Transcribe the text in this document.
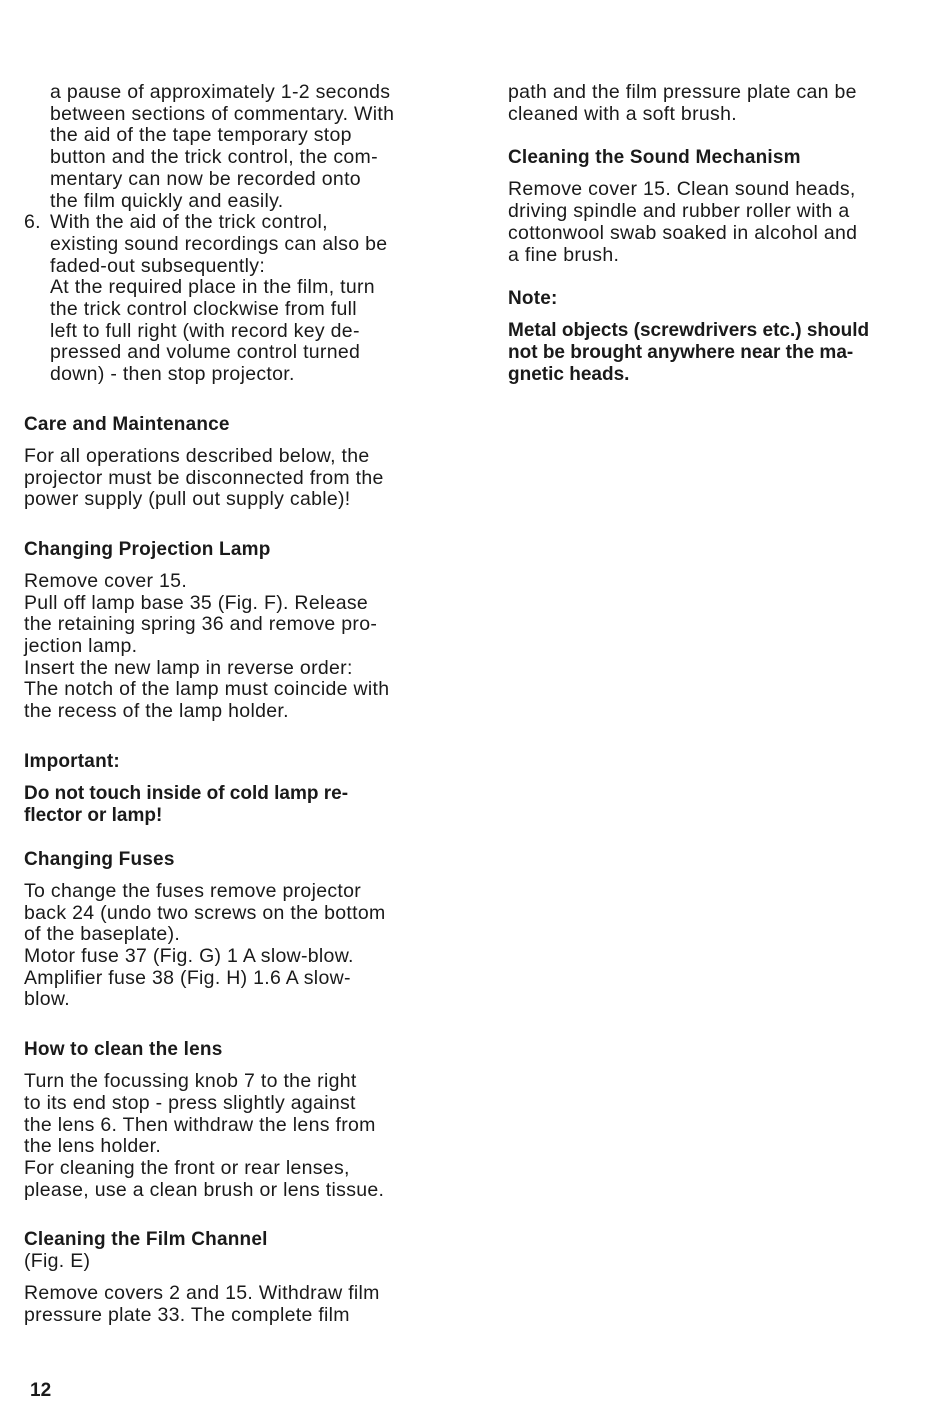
a pause of approximately 1-2 seconds

between sections of commentary. With

the aid of the tape temporary stop

button and the trick control, the com-

mentary can now be recorded onto

the film quickly and easily.

6. With the aid of the trick control,

existing sound recordings can also be

faded-out subsequently:

At the required place in the film, turn

the trick control clockwise from full

left to full right (with record key de-

pressed and volume control turned

down) - then stop projector.

Care and Maintenance

For all operations described below, the

projector must be disconnected from the

power supply (pull out supply cable)!

Changing Projection Lamp

Remove cover 15.

Pull off lamp base 35 (Fig. F). Release

the retaining spring 36 and remove pro-

jection lamp.

Insert the new lamp in reverse order:

The notch of the lamp must coincide with

the recess of the lamp holder.

Important:

Do not touch inside of cold lamp re-

flector or lamp!

Changing Fuses

To change the fuses remove projector

back 24 (undo two screws on the bottom

of the baseplate).

Motor fuse 37 (Fig. G) 1 A slow-blow.

Amplifier fuse 38 (Fig. H) 1.6 A slow-

blow.

How to clean the lens

Turn the focussing knob 7 to the right

to its end stop - press slightly against

the lens 6. Then withdraw the lens from

the lens holder.

For cleaning the front or rear lenses,

please, use a clean brush or lens tissue.

Cleaning the Film Channel

(Fig. E)

Remove covers 2 and 15. Withdraw film

pressure plate 33. The complete film

path and the film pressure plate can be

cleaned with a soft brush.

Cleaning the Sound Mechanism

Remove cover 15. Clean sound heads,

driving spindle and rubber roller with a

cottonwool swab soaked in alcohol and

a fine brush.

Note:

Metal objects (screwdrivers etc.) should

not be brought anywhere near the ma-

gnetic heads.

12
